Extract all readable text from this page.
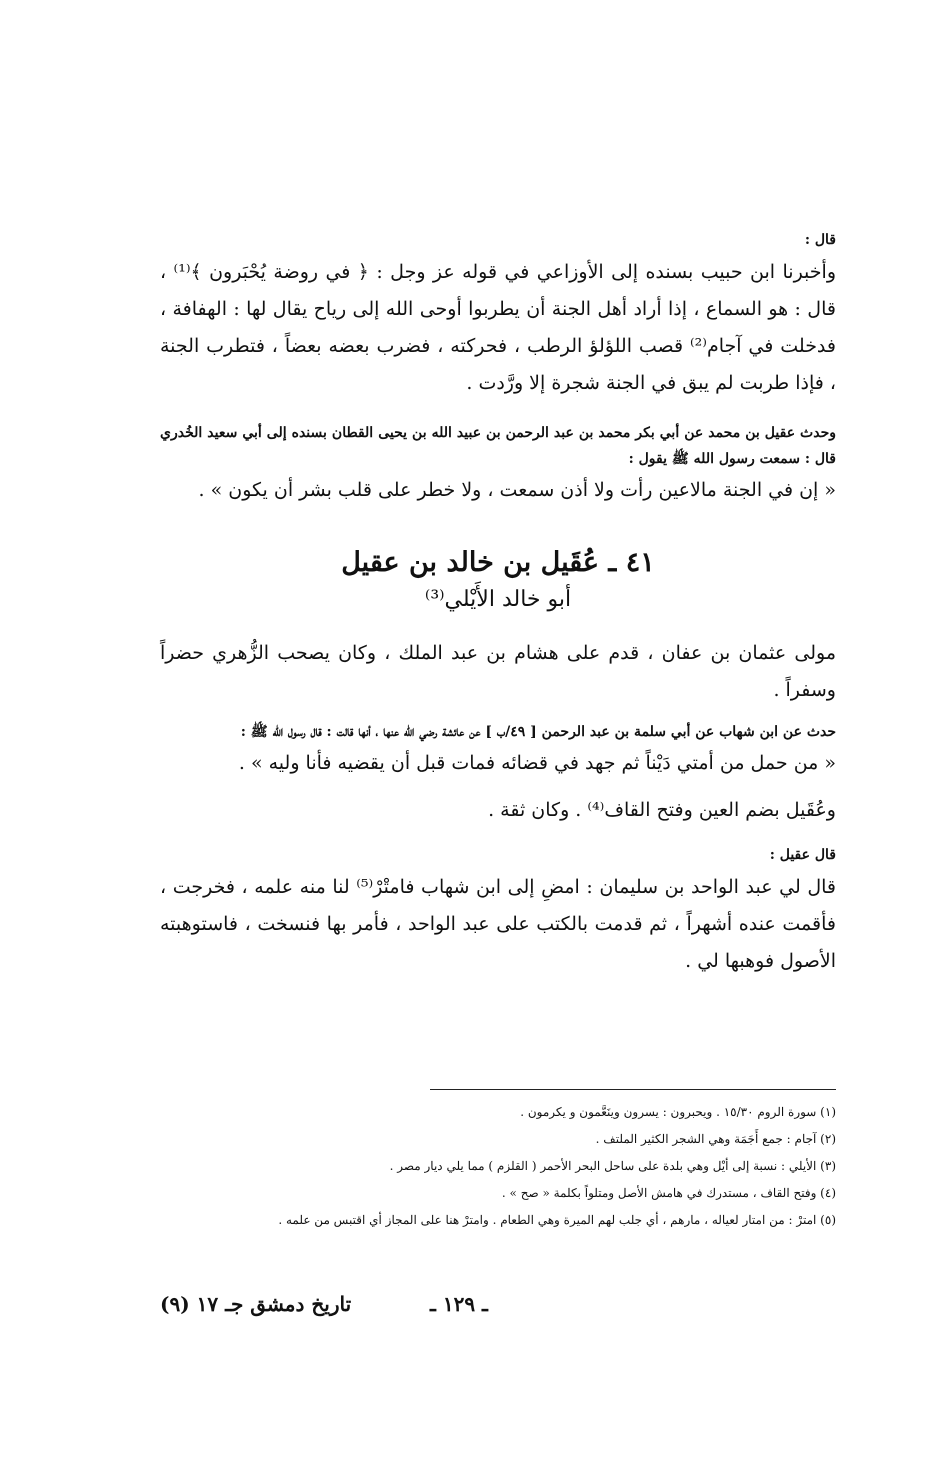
قال :

وأخبرنا ابن حبيب بسنده إلى الأوزاعي في قوله عز وجل : ﴿ في روضة يُحْبَرون ﴾⁽¹⁾ ، قال : هو السماع ، إذا أراد أهل الجنة أن يطربوا أوحى الله إلى رياح يقال لها : الهفافة ، فدخلت في آجام⁽²⁾ قصب اللؤلؤ الرطب ، فحركته ، فضرب بعضه بعضاً ، فتطرب الجنة ، فإذا طربت لم يبق في الجنة شجرة إلا ورَّدت .

وحدث عقيل بن محمد عن أبي بكر محمد بن عبد الرحمن بن عبيد الله بن يحيى القطان بسنده إلى أبي سعيد الخُدري قال : سمعت رسول الله ﷺ يقول :

« إن في الجنة مالاعين رأت ولا أذن سمعت ، ولا خطر على قلب بشر أن يكون » .

٤١ ـ عُقَيل بن خالد بن عقيل
أبو خالد الأَيْلي⁽³⁾

مولى عثمان بن عفان ، قدم على هشام بن عبد الملك ، وكان يصحب الزُّهري حضراً وسفراً .

حدث عن ابن شهاب عن أبي سلمة بن عبد الرحمن [ ٤٩/ب ] عن عائشة رضي الله عنها ، أنها قالت : قال رسول الله ﷺ :

« من حمل من أمتي دَيْناً ثم جهد في قضائه فمات قبل أن يقضيه فأنا وليه » .

وعُقَيل بضم العين وفتح القاف⁽⁴⁾ . وكان ثقة .

قال عقيل :

قال لي عبد الواحد بن سليمان : امضِ إلى ابن شهاب فامتْرْ⁽⁵⁾ لنا منه علمه ، فخرجت ، فأقمت عنده أشهراً ، ثم قدمت بالكتب على عبد الواحد ، فأمر بها فنسخت ، فاستوهبته الأصول فوهبها لي .

(١) سورة الروم ١٥/٣٠ . ويحبرون : يسرون وينَعَّمون و يكرمون .
(٢) آجام : جمع أَجَمَة وهي الشجر الكثير الملتف .
(٣) الأيلي : نسبة إلى أيْل وهي بلدة على ساحل البحر الأحمر ( القلزم ) مما يلي ديار مصر .
(٤) وفتح القاف ، مستدرك في هامش الأصل ومتلواً بكلمة « صح » .
(٥) امترْ : من امتار لعياله ، مارهم ، أي جلب لهم الميرة وهي الطعام . وامترْ هنا على المجاز أي اقتبس من علمه .
ـ ١٢٩ ـ
تاريخ دمشق جـ ١٧ (٩)
